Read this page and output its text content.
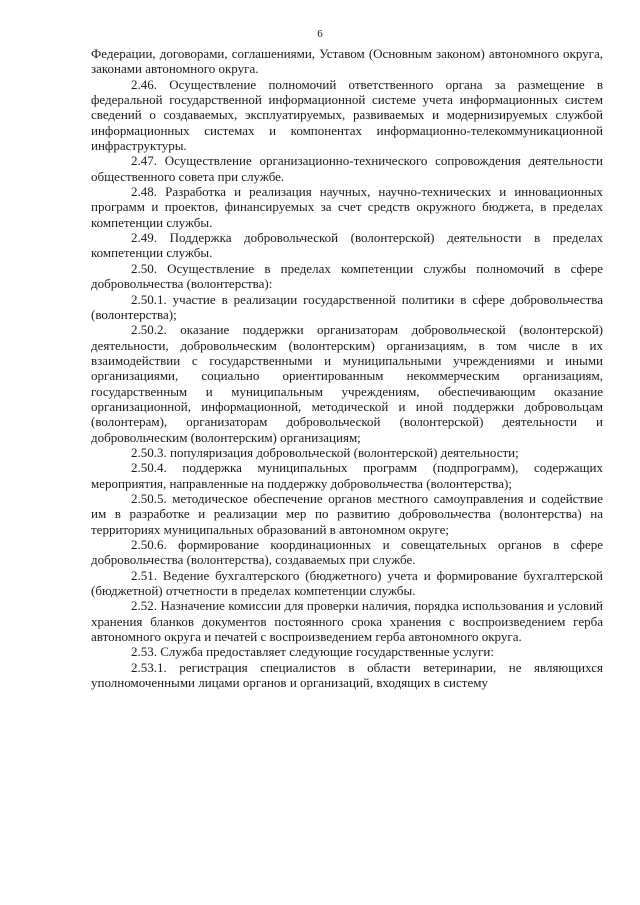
6

Федерации, договорами, соглашениями, Уставом (Основным законом) автономного округа, законами автономного округа.

2.46. Осуществление полномочий ответственного органа за размещение в федеральной государственной информационной системе учета информационных систем сведений о создаваемых, эксплуатируемых, развиваемых и модернизируемых службой информационных системах и компонентах информационно-телекоммуникационной инфраструктуры.

2.47. Осуществление организационно-технического сопровождения деятельности общественного совета при службе.

2.48. Разработка и реализация научных, научно-технических и инновационных программ и проектов, финансируемых за счет средств окружного бюджета, в пределах компетенции службы.

2.49. Поддержка добровольческой (волонтерской) деятельности в пределах компетенции службы.

2.50. Осуществление в пределах компетенции службы полномочий в сфере добровольчества (волонтерства):

2.50.1. участие в реализации государственной политики в сфере добровольчества (волонтерства);

2.50.2. оказание поддержки организаторам добровольческой (волонтерской) деятельности, добровольческим (волонтерским) организациям, в том числе в их взаимодействии с государственными и муниципальными учреждениями и иными организациями, социально ориентированным некоммерческим организациям, государственным и муниципальным учреждениям, обеспечивающим оказание организационной, информационной, методической и иной поддержки добровольцам (волонтерам), организаторам добровольческой (волонтерской) деятельности и добровольческим (волонтерским) организациям;

2.50.3. популяризация добровольческой (волонтерской) деятельности;

2.50.4. поддержка муниципальных программ (подпрограмм), содержащих мероприятия, направленные на поддержку добровольчества (волонтерства);

2.50.5. методическое обеспечение органов местного самоуправления и содействие им в разработке и реализации мер по развитию добровольчества (волонтерства) на территориях муниципальных образований в автономном округе;

2.50.6. формирование координационных и совещательных органов в сфере добровольчества (волонтерства), создаваемых при службе.

2.51. Ведение бухгалтерского (бюджетного) учета и формирование бухгалтерской (бюджетной) отчетности в пределах компетенции службы.

2.52. Назначение комиссии для проверки наличия, порядка использования и условий хранения бланков документов постоянного срока хранения с воспроизведением герба автономного округа и печатей с воспроизведением герба автономного округа.

2.53. Служба предоставляет следующие государственные услуги:

2.53.1. регистрация специалистов в области ветеринарии, не являющихся уполномоченными лицами органов и организаций, входящих в систему
